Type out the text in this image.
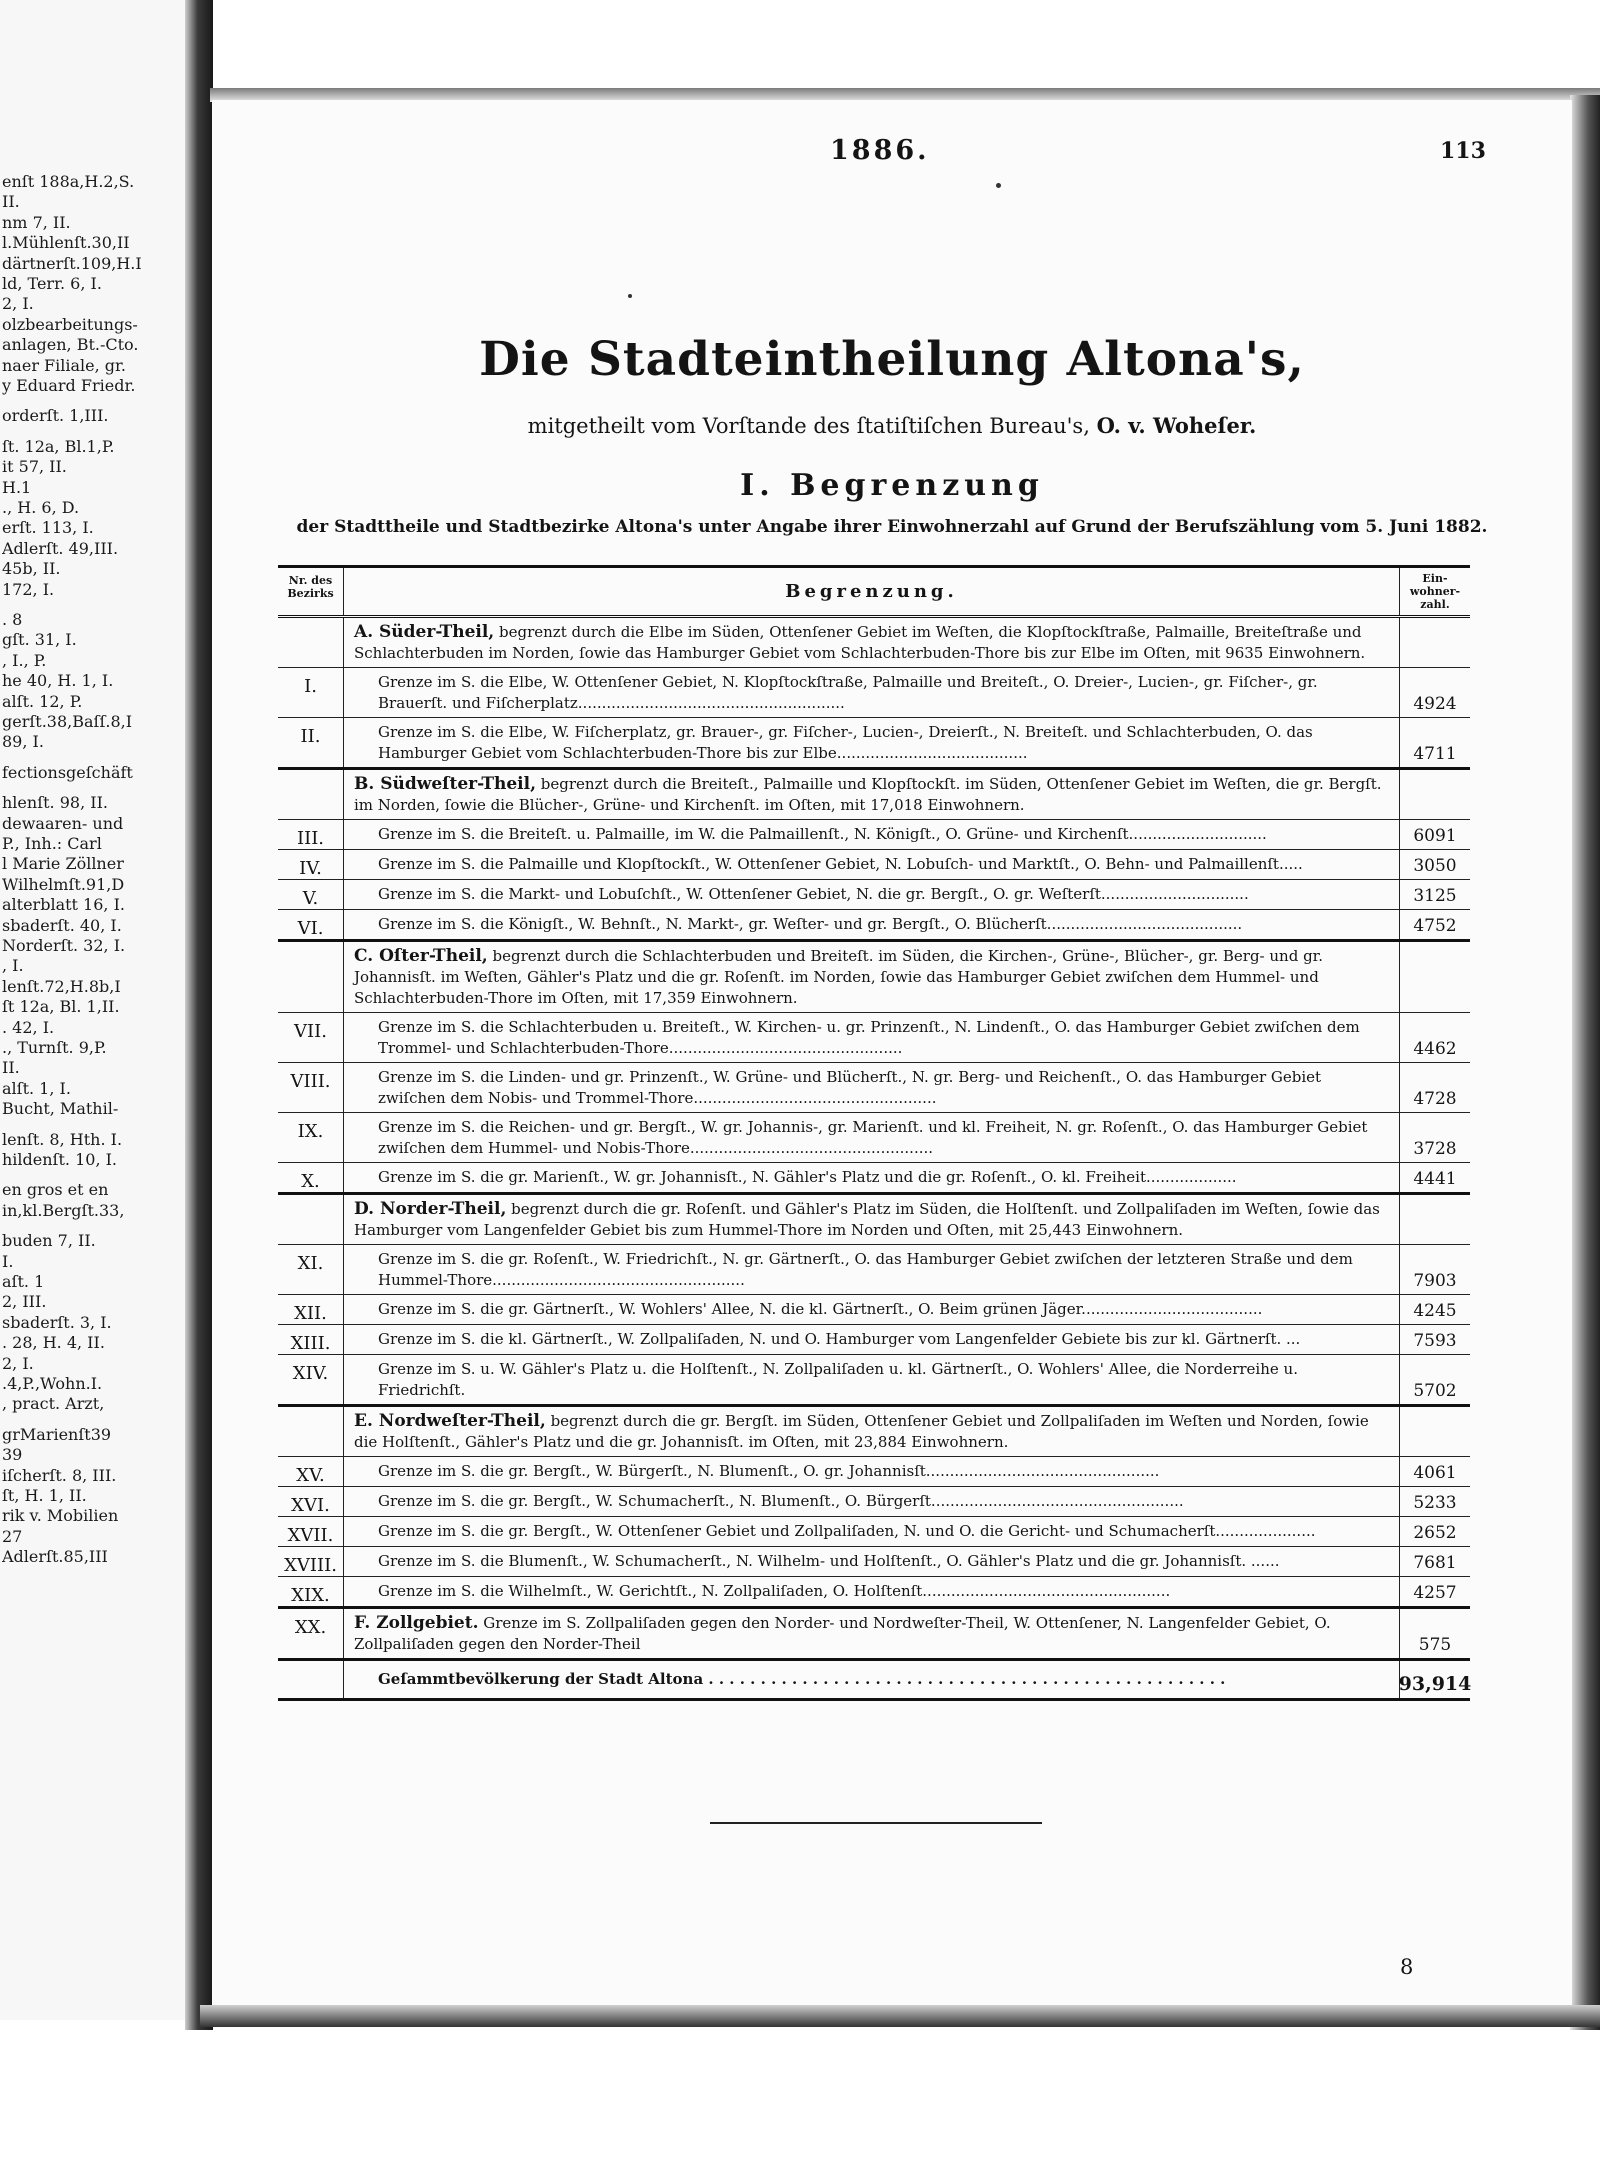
enſt 188a,H.2,S.
II.
nm 7, II.
l.Mühlenſt.30,II
därtnerſt.109,H.I
ld, Terr. 6, I.
2, I.
olzbearbeitungs-
anlagen, Bt.-Cto.
naer Filiale, gr.
y Eduard Friedr.
orderſt. 1,III.
ſt. 12a, Bl.1,P.
it 57, II.
H.1
., H. 6, D.
erſt. 113, I.
Adlerſt. 49,III.
45b, II.
172, I.
. 8
gſt. 31, I.
, I., P.
he 40, H. 1, I.
alſt. 12, P.
gerſt.38,Baſſ.8,I
89, I.
fectionsgeſchäft
hlenſt. 98, II.
dewaaren- und
P., Inh.: Carl
l Marie Zöllner
Wilhelmſt.91,D
alterblatt 16, I.
sbaderſt. 40, I.
Norderſt. 32, I.
, I.
lenſt.72,H.8b,I
ſt 12a, Bl. 1,II.
. 42, I.
., Turnſt. 9,P.
II.
alſt. 1, I.
Bucht, Mathil-
lenſt. 8, Hth. I.
hildenſt. 10, I.
en gros et en
in,kl.Bergſt.33,
buden 7, II.
I.
aſt. 1
2, III.
sbaderſt. 3, I.
. 28, H. 4, II.
2, I.
.4,P.,Wohn.I.
, pract. Arzt,
grMarienſt39
39
iſcherſt. 8, III.
ſt, H. 1, II.
rik v. Mobilien
27
Adlerſt.85,III
1886.	113
Die Stadteintheilung Altona's,
mitgetheilt vom Vorſtande des ſtatiſtiſchen Bureau's, O. v. Woheſer.
I. Begrenzung
der Stadttheile und Stadtbezirke Altona's unter Angabe ihrer Einwohnerzahl auf Grund der Berufszählung vom 5. Juni 1882.
Nr. des Bezirks	Begrenzung.
Ein-wohner-zahl.
A. Süder-Theil, begrenzt durch die Elbe im Süden, Ottenſener Gebiet im Weſten, die Klopſtockſtraße, Palmaille, Breiteſtraße und Schlachterbuden im Norden, ſowie das Hamburger Gebiet vom Schlachterbuden-Thore bis zur Elbe im Oſten, mit 9635 Einwohnern.
I.	Grenze im S. die Elbe, W. Ottenſener Gebiet, N. Klopſtockſtraße, Palmaille und Breiteſt., O. Dreier-, Lucien-, gr. Fiſcher-, gr. Brauerſt. und Fiſcherplatz........................................................	4924
II.	Grenze im S. die Elbe, W. Fiſcherplatz, gr. Brauer-, gr. Fiſcher-, Lucien-, Dreierſt., N. Breiteſt. und Schlachterbuden, O. das Hamburger Gebiet vom Schlachterbuden-Thore bis zur Elbe........................................	4711
B. Südweſter-Theil, begrenzt durch die Breiteſt., Palmaille und Klopſtockſt. im Süden, Ottenſener Gebiet im Weſten, die gr. Bergſt. im Norden, ſowie die Blücher-, Grüne- und Kirchenſt. im Oſten, mit 17,018 Einwohnern.
III.	Grenze im S. die Breiteſt. u. Palmaille, im W. die Palmaillenſt., N. Königſt., O. Grüne- und Kirchenſt.............................	6091
IV.	Grenze im S. die Palmaille und Klopſtockſt., W. Ottenſener Gebiet, N. Lobuſch- und Marktſt., O. Behn- und Palmaillenſt.....	3050
V.	Grenze im S. die Markt- und Lobuſchſt., W. Ottenſener Gebiet, N. die gr. Bergſt., O. gr. Weſterſt...............................	3125
VI.	Grenze im S. die Königſt., W. Behnſt., N. Markt-, gr. Weſter- und gr. Bergſt., O. Blücherſt.........................................	4752
C. Oſter-Theil, begrenzt durch die Schlachterbuden und Breiteſt. im Süden, die Kirchen-, Grüne-, Blücher-, gr. Berg- und gr. Johannisſt. im Weſten, Gähler's Platz und die gr. Roſenſt. im Norden, ſowie das Hamburger Gebiet zwiſchen dem Hummel- und Schlachterbuden-Thore im Oſten, mit 17,359 Einwohnern.
VII.	Grenze im S. die Schlachterbuden u. Breiteſt., W. Kirchen- u. gr. Prinzenſt., N. Lindenſt., O. das Hamburger Gebiet zwiſchen dem Trommel- und Schlachterbuden-Thore.................................................	4462
VIII.	Grenze im S. die Linden- und gr. Prinzenſt., W. Grüne- und Blücherſt., N. gr. Berg- und Reichenſt., O. das Hamburger Gebiet zwiſchen dem Nobis- und Trommel-Thore...................................................	4728
IX.	Grenze im S. die Reichen- und gr. Bergſt., W. gr. Johannis-, gr. Marienſt. und kl. Freiheit, N. gr. Roſenſt., O. das Hamburger Gebiet zwiſchen dem Hummel- und Nobis-Thore...................................................	3728
X.	Grenze im S. die gr. Marienſt., W. gr. Johannisſt., N. Gähler's Platz und die gr. Roſenſt., O. kl. Freiheit...................	4441
D. Norder-Theil, begrenzt durch die gr. Roſenſt. und Gähler's Platz im Süden, die Holſtenſt. und Zollpaliſaden im Weſten, ſowie das Hamburger vom Langenfelder Gebiet bis zum Hummel-Thore im Norden und Oſten, mit 25,443 Einwohnern.
XI.	Grenze im S. die gr. Roſenſt., W. Friedrichſt., N. gr. Gärtnerſt., O. das Hamburger Gebiet zwiſchen der letzteren Straße und dem Hummel-Thore.....................................................	7903
XII.	Grenze im S. die gr. Gärtnerſt., W. Wohlers' Allee, N. die kl. Gärtnerſt., O. Beim grünen Jäger......................................	4245
XIII.	Grenze im S. die kl. Gärtnerſt., W. Zollpaliſaden, N. und O. Hamburger vom Langenfelder Gebiete bis zur kl. Gärtnerſt. ...	7593
XIV.	Grenze im S. u. W. Gähler's Platz u. die Holſtenſt., N. Zollpaliſaden u. kl. Gärtnerſt., O. Wohlers' Allee, die Norderreihe u. Friedrichſt.	5702
E. Nordweſter-Theil, begrenzt durch die gr. Bergſt. im Süden, Ottenſener Gebiet und Zollpaliſaden im Weſten und Norden, ſowie die Holſtenſt., Gähler's Platz und die gr. Johannisſt. im Oſten, mit 23,884 Einwohnern.
XV.	Grenze im S. die gr. Bergſt., W. Bürgerſt., N. Blumenſt., O. gr. Johannisſt.................................................	4061
XVI.	Grenze im S. die gr. Bergſt., W. Schumacherſt., N. Blumenſt., O. Bürgerſt.....................................................	5233
XVII.	Grenze im S. die gr. Bergſt., W. Ottenſener Gebiet und Zollpaliſaden, N. und O. die Gericht- und Schumacherſt.....................	2652
XVIII.	Grenze im S. die Blumenſt., W. Schumacherſt., N. Wilhelm- und Holſtenſt., O. Gähler's Platz und die gr. Johannisſt. ......	7681
XIX.	Grenze im S. die Wilhelmſt., W. Gerichtſt., N. Zollpaliſaden, O. Holſtenſt....................................................	4257
XX.	F. Zollgebiet. Grenze im S. Zollpaliſaden gegen den Norder- und Nordweſter-Theil, W. Ottenſener, N. Langenfelder Gebiet, O. Zollpaliſaden gegen den Norder-Theil	575
Geſammtbevölkerung der Stadt Altona . . . . . . . . . . . . . . . . . . . . . . . . . . . . . . . . . . . . . . . . . . . . . . . . . .	93,914
8
